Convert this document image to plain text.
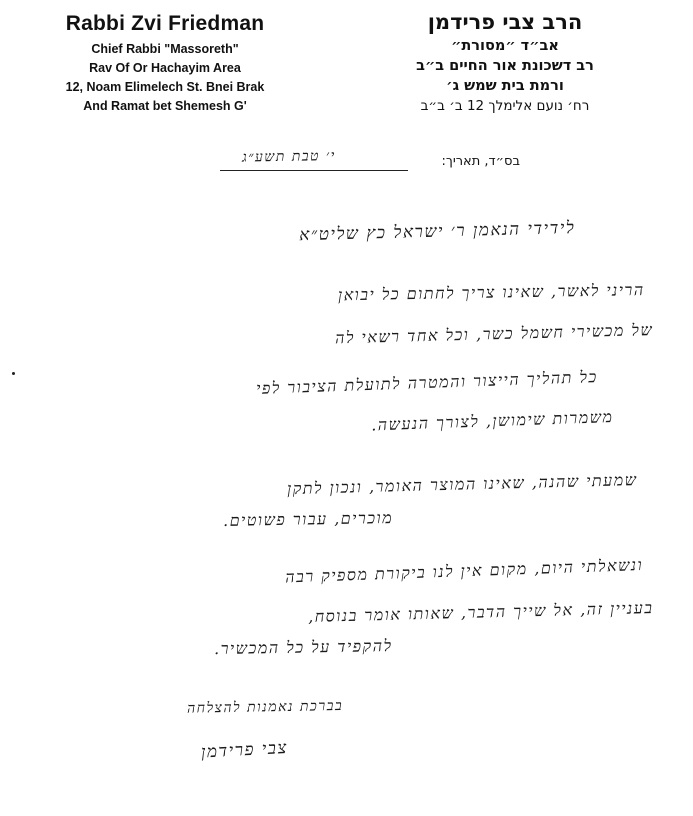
Rabbi Zvi Friedman
Chief Rabbi "Massoreth"
Rav Of Or Hachayim Area
12, Noam Elimelech St. Bnei Brak
And Ramat bet Shemesh G'
הרב צבי פרידמן
אב״ד ״מסורת״
רב דשכונת אור החיים ב״ב
ורמת בית שמש ג׳
רח׳ נועם אלימלך 12 ב׳ ב״ב
בס״ד, תאריך:
י׳ טבת תשע״ג
לידידי הנאמן ר׳ ישראל כץ שליט״א
הריני לאשר, שאינו צריך לחתום כל יבואן
של מכשירי חשמל כשר, וכל אחד רשאי לה
כל תהליך הייצור והמטרה לתועלת הציבור לפי
משמרות שימושן, לצורך הנעשה.
שמעתי שהנה, שאינו המוצר האומר, ונכון לתקן
מוכרים, עבור פשוטים.
ונשאלתי היום, מקום אין לנו ביקורת מספיק רבה
בעניין זה, אל שייך הדבר, שאותו אומר בנוסח,
להקפיד על כל המכשיר.
בברכת נאמנות להצלחה
צבי פרידמן
